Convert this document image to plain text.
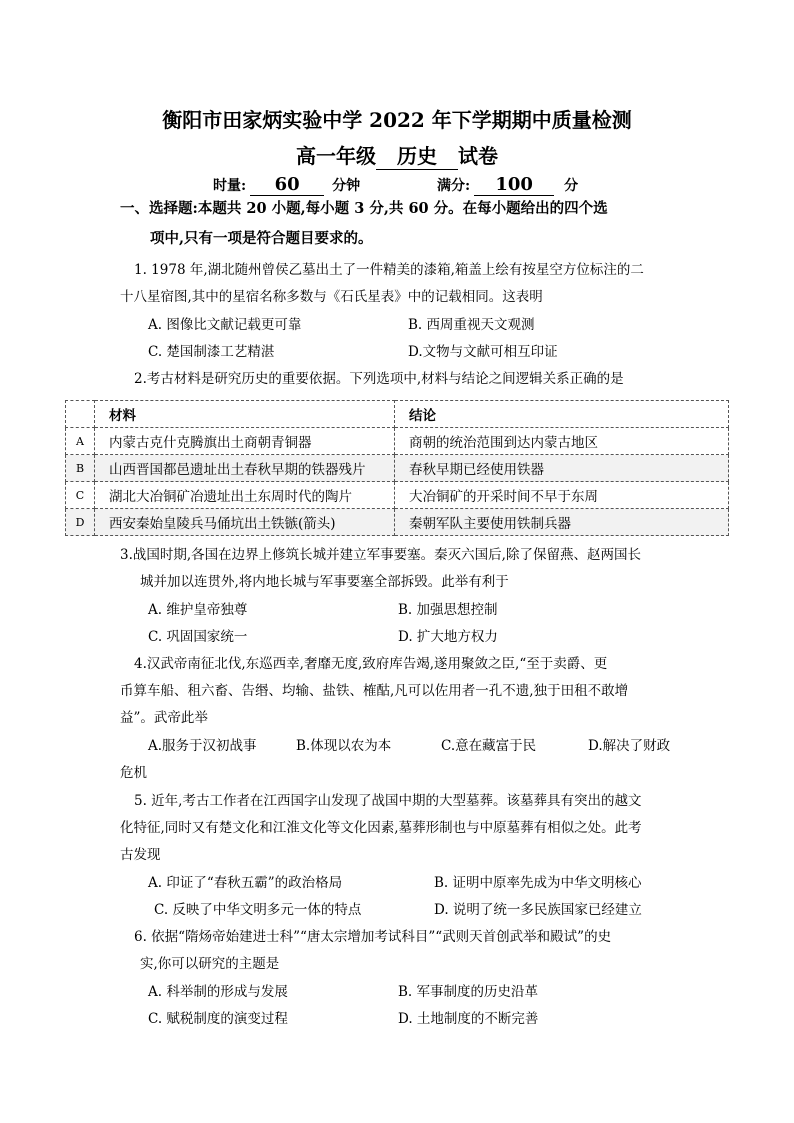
衡阳市田家炳实验中学 2022 年下学期期中质量检测
高一年级 历史 试卷
时量: 60 分钟	满分: 100 分
一、选择题:本题共 20 小题,每小题 3 分,共 60 分。在每小题给出的四个选
项中,只有一项是符合题目要求的。
1. 1978 年,湖北随州曾侯乙墓出土了一件精美的漆箱,箱盖上绘有按星空方位标注的二
十八星宿图,其中的星宿名称多数与《石氏星表》中的记载相同。这表明
A. 图像比文献记载更可靠	B. 西周重视天文观测
C. 楚国制漆工艺精湛	D.文物与文献可相互印证
2.考古材料是研究历史的重要依据。下列选项中,材料与结论之间逻辑关系正确的是
	材料	结论
A	内蒙古克什克腾旗出土商朝青铜器	商朝的统治范围到达内蒙古地区
B	山西晋国都邑遗址出土春秋早期的铁器残片	春秋早期已经使用铁器
C	湖北大冶铜矿冶遗址出土东周时代的陶片	大冶铜矿的开采时间不早于东周
D	西安秦始皇陵兵马俑坑出土铁镞(箭头)	秦朝军队主要使用铁制兵器
3.战国时期,各国在边界上修筑长城并建立军事要塞。秦灭六国后,除了保留燕、赵两国长
城并加以连贯外,将内地长城与军事要塞全部拆毁。此举有利于
A. 维护皇帝独尊	B. 加强思想控制
C. 巩固国家统一	D. 扩大地方权力
4.汉武帝南征北伐,东巡西幸,奢靡无度,致府库告竭,遂用聚敛之臣,“至于卖爵、更
币算车船、租六畜、告缗、均输、盐铁、榷酤,凡可以佐用者一孔不遗,独于田租不敢增
益”。武帝此举
A.服务于汉初战事	B.体现以农为本	C.意在藏富于民	D.解决了财政
危机
5. 近年,考古工作者在江西国字山发现了战国中期的大型墓葬。该墓葬具有突出的越文
化特征,同时又有楚文化和江淮文化等文化因素,墓葬形制也与中原墓葬有相似之处。此考
古发现
A. 印证了“春秋五霸”的政治格局	B. 证明中原率先成为中华文明核心
C. 反映了中华文明多元一体的特点	D. 说明了统一多民族国家已经建立
6. 依据“隋炀帝始建进士科”“唐太宗增加考试科目”“武则天首创武举和殿试”的史
实,你可以研究的主题是
A. 科举制的形成与发展	B. 军事制度的历史沿革
C. 赋税制度的演变过程	D. 土地制度的不断完善
